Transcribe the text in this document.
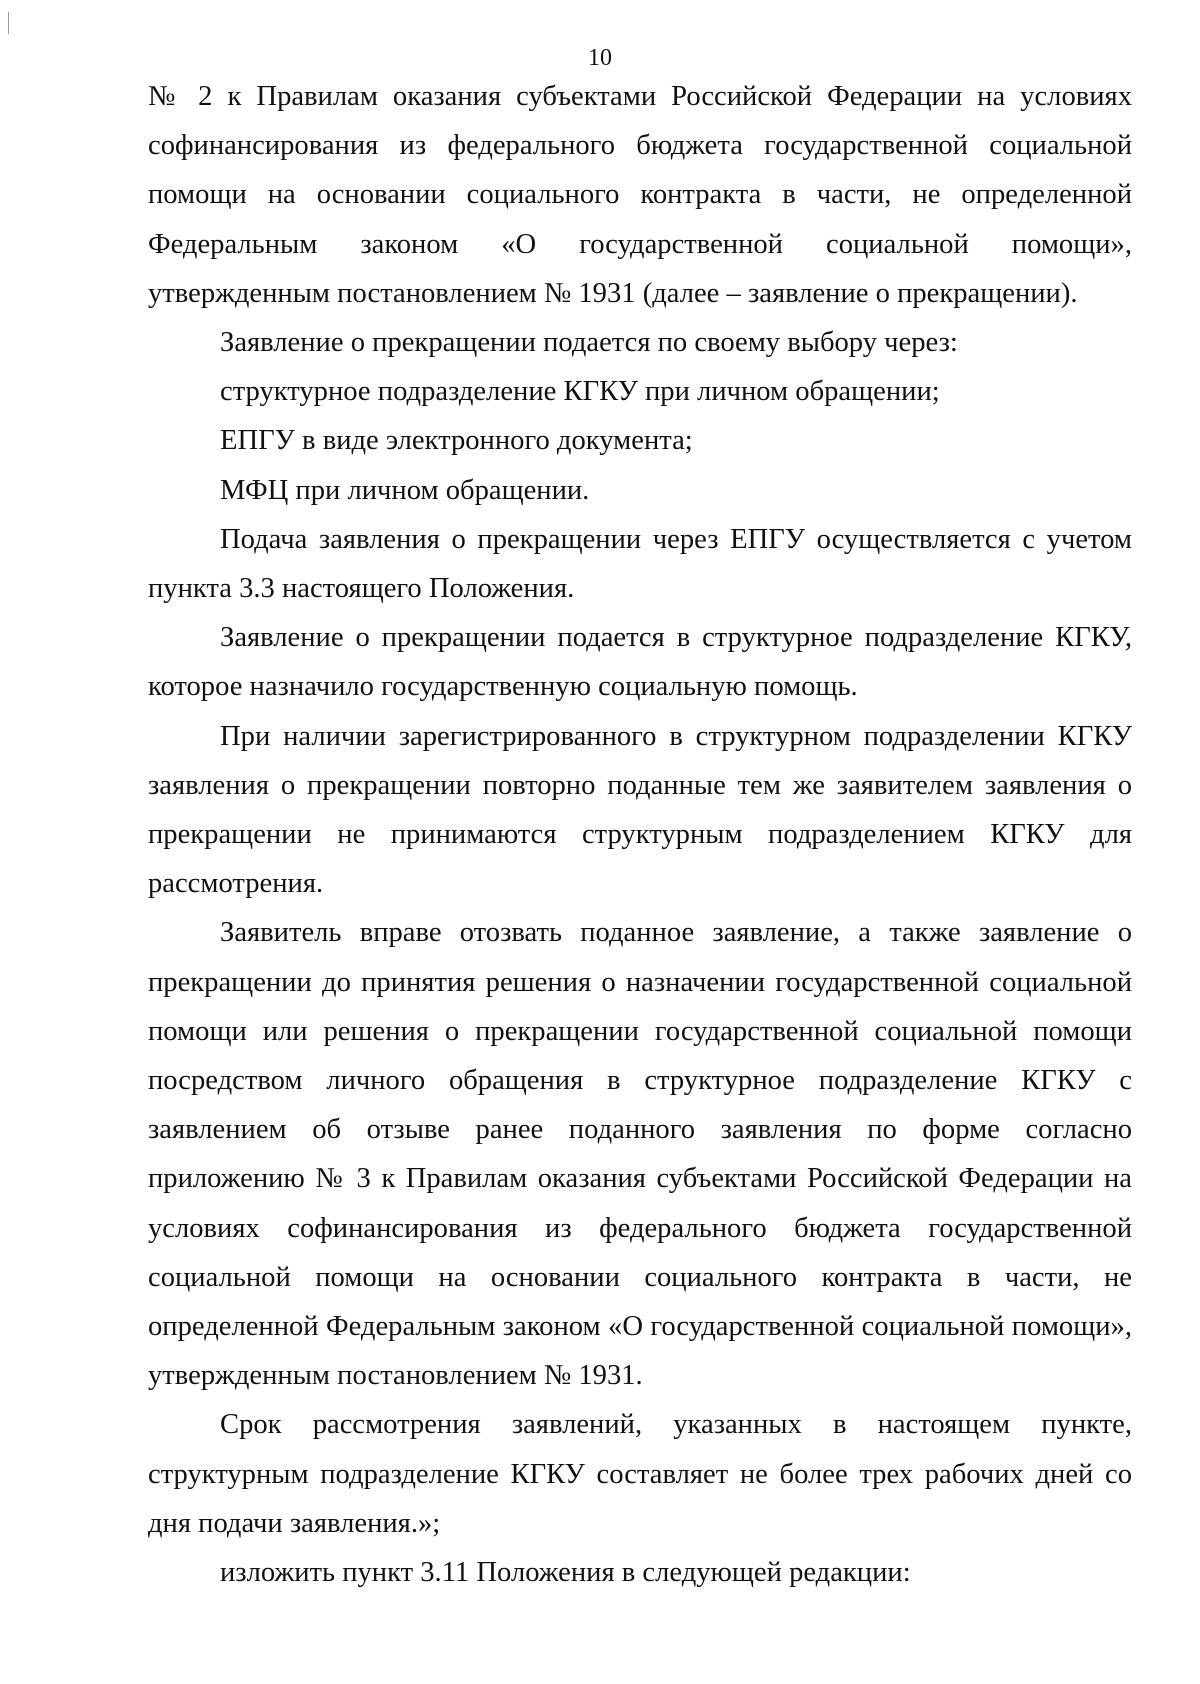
10

№ 2 к Правилам оказания субъектами Российской Федерации на условиях софинансирования из федерального бюджета государственной социальной помощи на основании социального контракта в части, не определенной Федеральным законом «О государственной социальной помощи», утвержденным постановлением № 1931 (далее – заявление о прекращении).

Заявление о прекращении подается по своему выбору через:

структурное подразделение КГКУ при личном обращении;

ЕПГУ в виде электронного документа;

МФЦ при личном обращении.

Подача заявления о прекращении через ЕПГУ осуществляется с учетом пункта 3.3 настоящего Положения.

Заявление о прекращении подается в структурное подразделение КГКУ, которое назначило государственную социальную помощь.

При наличии зарегистрированного в структурном подразделении КГКУ заявления о прекращении повторно поданные тем же заявителем заявления о прекращении не принимаются структурным подразделением КГКУ для рассмотрения.

Заявитель вправе отозвать поданное заявление, а также заявление о прекращении до принятия решения о назначении государственной социальной помощи или решения о прекращении государственной социальной помощи посредством личного обращения в структурное подразделение КГКУ с заявлением об отзыве ранее поданного заявления по форме согласно приложению № 3 к Правилам оказания субъектами Российской Федерации на условиях софинансирования из федерального бюджета государственной социальной помощи на основании социального контракта в части, не определенной Федеральным законом «О государственной социальной помощи», утвержденным постановлением № 1931.

Срок рассмотрения заявлений, указанных в настоящем пункте, структурным подразделение КГКУ составляет не более трех рабочих дней со дня подачи заявления.»;

изложить пункт 3.11 Положения в следующей редакции:
